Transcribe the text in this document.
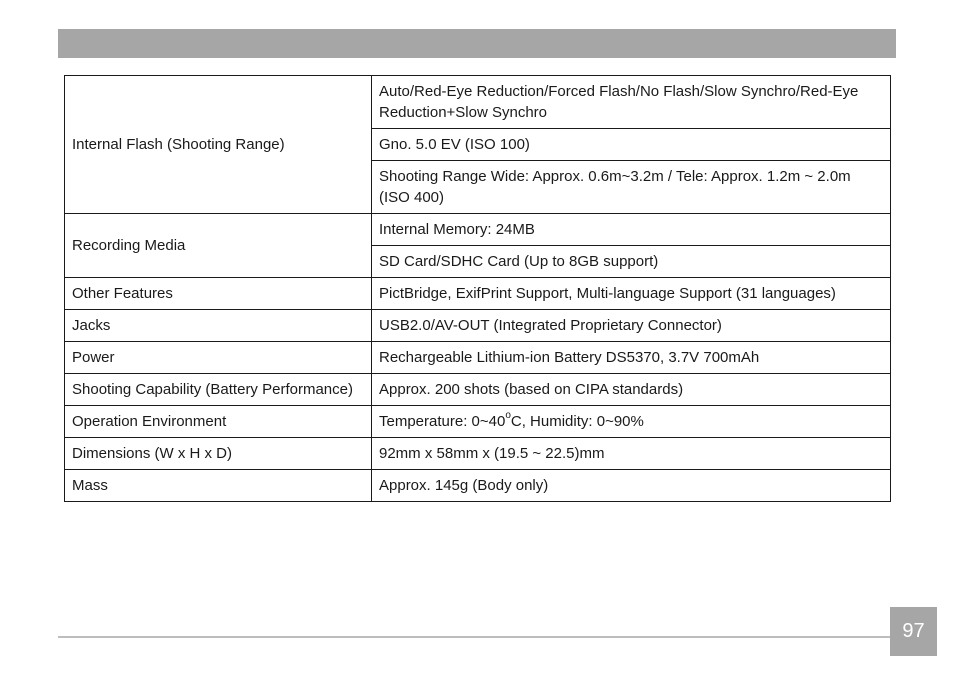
Internal Flash (Shooting Range)	Auto/Red-Eye Reduction/Forced Flash/No Flash/Slow Synchro/Red-Eye Reduction+Slow Synchro
	Gno. 5.0 EV (ISO 100)
	Shooting Range Wide: Approx. 0.6m~3.2m / Tele: Approx. 1.2m ~ 2.0m (ISO 400)
Recording Media	Internal Memory: 24MB
	SD Card/SDHC Card (Up to 8GB support)
Other Features	PictBridge, ExifPrint Support, Multi-language Support (31 languages)
Jacks	USB2.0/AV-OUT (Integrated Proprietary Connector)
Power	Rechargeable Lithium-ion Battery DS5370, 3.7V 700mAh
Shooting Capability (Battery Performance)	Approx. 200 shots (based on CIPA standards)
Operation Environment	Temperature: 0~40$^o$C, Humidity: 0~90%
Dimensions (W x H x D)	92mm x 58mm x (19.5 ~ 22.5)mm
Mass	Approx. 145g (Body only)
97
